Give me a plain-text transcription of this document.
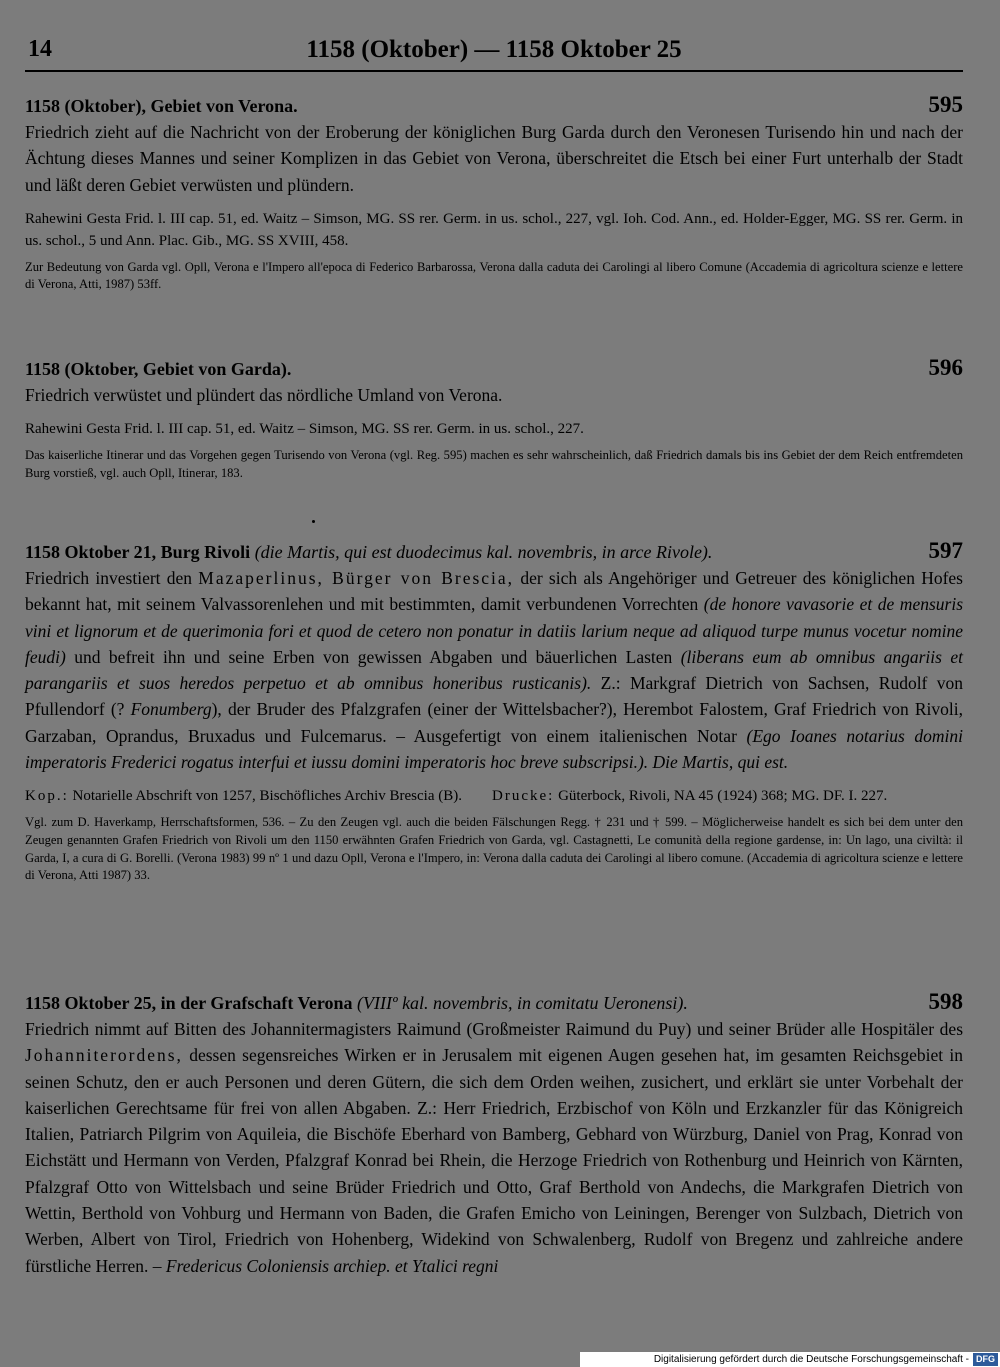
14	1158 (Oktober) — 1158 Oktober 25
1158 (Oktober), Gebiet von Verona.	595

Friedrich zieht auf die Nachricht von der Eroberung der königlichen Burg Garda durch den Veronesen Turisendo hin und nach der Ächtung dieses Mannes und seiner Komplizen in das Gebiet von Verona, überschreitet die Etsch bei einer Furt unterhalb der Stadt und läßt deren Gebiet verwüsten und plündern.

Rahewini Gesta Frid. l. III cap. 51, ed. Waitz – Simson, MG. SS rer. Germ. in us. schol., 227, vgl. Ioh. Cod. Ann., ed. Holder-Egger, MG. SS rer. Germ. in us. schol., 5 und Ann. Plac. Gib., MG. SS XVIII, 458.

Zur Bedeutung von Garda vgl. Opll, Verona e l'Impero all'epoca di Federico Barbarossa, Verona dalla caduta dei Carolingi al libero Comune (Accademia di agricoltura scienze e lettere di Verona, Atti, 1987) 53ff.

1158 (Oktober, Gebiet von Garda).	596

Friedrich verwüstet und plündert das nördliche Umland von Verona.

Rahewini Gesta Frid. l. III cap. 51, ed. Waitz – Simson, MG. SS rer. Germ. in us. schol., 227.

Das kaiserliche Itinerar und das Vorgehen gegen Turisendo von Verona (vgl. Reg. 595) machen es sehr wahrscheinlich, daß Friedrich damals bis ins Gebiet der dem Reich entfremdeten Burg vorstieß, vgl. auch Opll, Itinerar, 183.

1158 Oktober 21, Burg Rivoli (die Martis, qui est duodecimus kal. novembris, in arce Rivole).	597

Friedrich investiert den Mazaperlinus, Bürger von Brescia, der sich als Angehöriger und Getreuer des königlichen Hofes bekannt hat, mit seinem Valvassorenlehen und mit bestimmten, damit verbundenen Vorrechten (de honore vavasorie et de mensuris vini et lignorum et de querimonia fori et quod de cetero non ponatur in datiis larium neque ad aliquod turpe munus vocetur nomine feudi) und befreit ihn und seine Erben von gewissen Abgaben und bäuerlichen Lasten (liberans eum ab omnibus angariis et parangariis et suos heredos perpetuo et ab omnibus honeribus rusticanis). Z.: Markgraf Dietrich von Sachsen, Rudolf von Pfullendorf (? Fonumberg), der Bruder des Pfalzgrafen (einer der Wittelsbacher?), Herembot Falostem, Graf Friedrich von Rivoli, Garzaban, Oprandus, Bruxadus und Fulcemarus. – Ausgefertigt von einem italienischen Notar (Ego Ioanes notarius domini imperatoris Frederici rogatus interfui et iussu domini imperatoris hoc breve subscripsi.). Die Martis, qui est.

Kop.: Notarielle Abschrift von 1257, Bischöfliches Archiv Brescia (B). Drucke: Güterbock, Rivoli, NA 45 (1924) 368; MG. DF. I. 227.

Vgl. zum D. Haverkamp, Herrschaftsformen, 536. – Zu den Zeugen vgl. auch die beiden Fälschungen Regg. † 231 und † 599. – Möglicherweise handelt es sich bei dem unter den Zeugen genannten Grafen Friedrich von Rivoli um den 1150 erwähnten Grafen Friedrich von Garda, vgl. Castagnetti, Le comunità della regione gardense, in: Un lago, una civiltà: il Garda, I, a cura di G. Borelli. (Verona 1983) 99 nº 1 und dazu Opll, Verona e l'Impero, in: Verona dalla caduta dei Carolingi al libero comune. (Accademia di agricoltura scienze e lettere di Verona, Atti 1987) 33.

1158 Oktober 25, in der Grafschaft Verona (VIIIº kal. novembris, in comitatu Ueronensi).	598

Friedrich nimmt auf Bitten des Johannitermagisters Raimund (Großmeister Raimund du Puy) und seiner Brüder alle Hospitäler des Johanniterordens, dessen segensreiches Wirken er in Jerusalem mit eigenen Augen gesehen hat, im gesamten Reichsgebiet in seinen Schutz, den er auch Personen und deren Gütern, die sich dem Orden weihen, zusichert, und erklärt sie unter Vorbehalt der kaiserlichen Gerechtsame für frei von allen Abgaben. Z.: Herr Friedrich, Erzbischof von Köln und Erzkanzler für das Königreich Italien, Patriarch Pilgrim von Aquileia, die Bischöfe Eberhard von Bamberg, Gebhard von Würzburg, Daniel von Prag, Konrad von Eichstätt und Hermann von Verden, Pfalzgraf Konrad bei Rhein, die Herzoge Friedrich von Rothenburg und Heinrich von Kärnten, Pfalzgraf Otto von Wittelsbach und seine Brüder Friedrich und Otto, Graf Berthold von Andechs, die Markgrafen Dietrich von Wettin, Berthold von Vohburg und Hermann von Baden, die Grafen Emicho von Leiningen, Berenger von Sulzbach, Dietrich von Werben, Albert von Tirol, Friedrich von Hohenberg, Widekind von Schwalenberg, Rudolf von Bregenz und zahlreiche andere fürstliche Herren. – Fredericus Coloniensis archiep. et Ytalici regni

Digitalisierung gefördert durch die Deutsche Forschungsgemeinschaft - DFG
